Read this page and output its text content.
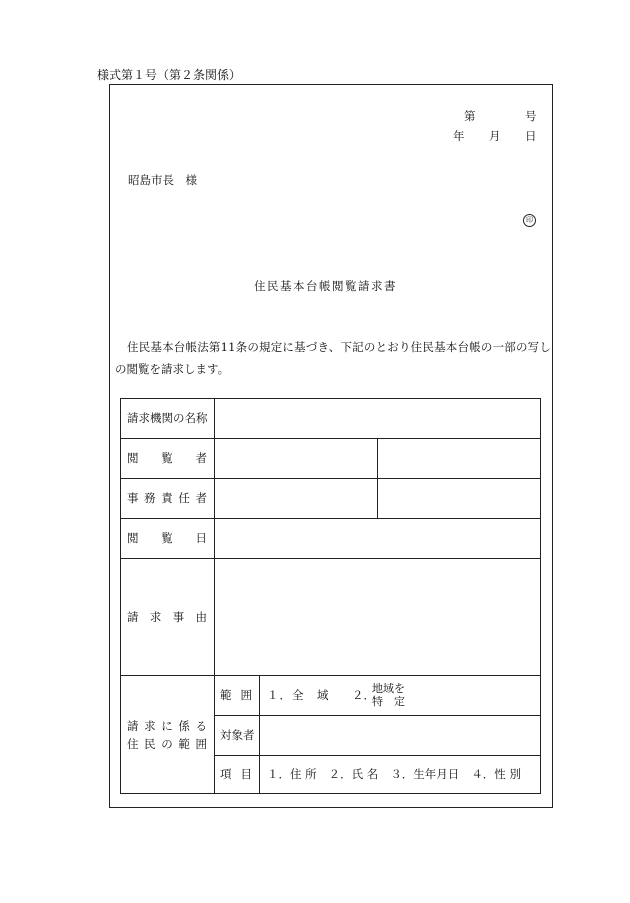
様式第１号（第２条関係）
第	号
年 月 日
昭島市長　様
印
住民基本台帳閲覧請求書
住民基本台帳法第11条の規定に基づき、下記のとおり住民基本台帳の一部の写し
の閲覧を請求します。
請求機関の名称
閲 覧 者
事 務 責 任 者
閲 覧 日
請 求 事 由
請 求 に 係 る
住 民 の 範 囲
範 囲 １．全　域 ２．
地域を
特　定
対象者
項 目 １．住 所 ２．氏 名 ３．生年月日 ４．性 別
